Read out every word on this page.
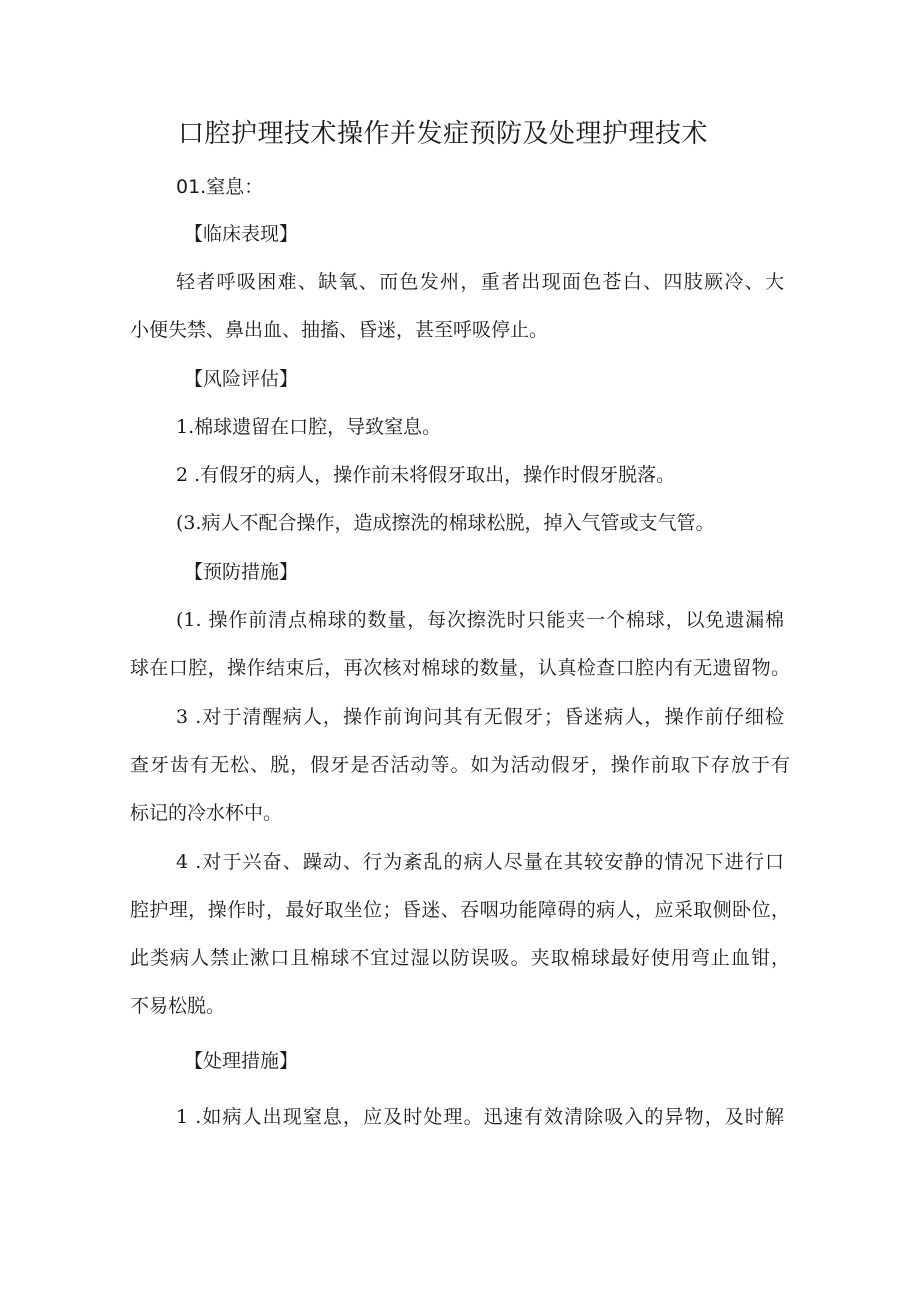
口腔护理技术操作并发症预防及处理护理技术
01.窒息：
【临床表现】
轻者呼吸困难、缺氧、而色发州，重者出现面色苍白、四肢厥冷、大
小便失禁、鼻出血、抽搐、昏迷，甚至呼吸停止。
【风险评估】
1.棉球遗留在口腔，导致窒息。
2 .有假牙的病人，操作前未将假牙取出，操作时假牙脱落。
(3.病人不配合操作，造成擦洗的棉球松脱，掉入气管或支气管。
【预防措施】
(1. 操作前清点棉球的数量，每次擦洗时只能夹一个棉球，以免遗漏棉
球在口腔，操作结束后，再次核对棉球的数量，认真检查口腔内有无遗留物。
3 .对于清醒病人，操作前询问其有无假牙；昏迷病人，操作前仔细检
查牙齿有无松、脱，假牙是否活动等。如为活动假牙，操作前取下存放于有
标记的冷水杯中。
4 .对于兴奋、躁动、行为紊乱的病人尽量在其较安静的情况下进行口
腔护理，操作时，最好取坐位；昏迷、吞咽功能障碍的病人，应采取侧卧位，
此类病人禁止漱口且棉球不宜过湿以防误吸。夹取棉球最好使用弯止血钳，
不易松脱。
【处理措施】
1 .如病人出现窒息，应及时处理。迅速有效清除吸入的异物，及时解
